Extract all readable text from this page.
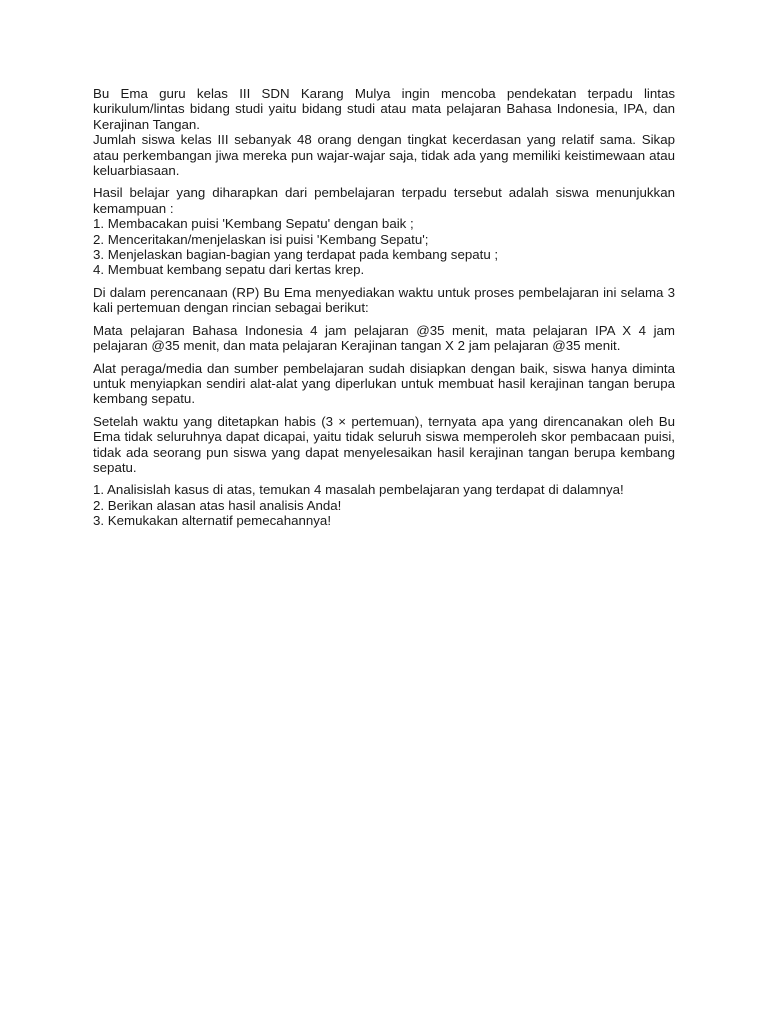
Bu Ema guru kelas III SDN Karang Mulya ingin mencoba pendekatan terpadu lintas kurikulum/lintas bidang studi yaitu bidang studi atau mata pelajaran Bahasa Indonesia, IPA, dan Kerajinan Tangan.
Jumlah siswa kelas III sebanyak 48 orang dengan tingkat kecerdasan yang relatif sama. Sikap atau perkembangan jiwa mereka pun wajar-wajar saja, tidak ada yang memiliki keistimewaan atau keluarbiasaan.
Hasil belajar yang diharapkan dari pembelajaran terpadu tersebut adalah siswa menunjukkan kemampuan :
1. Membacakan puisi 'Kembang Sepatu' dengan baik ;
2. Menceritakan/menjelaskan isi puisi 'Kembang Sepatu';
3. Menjelaskan bagian-bagian yang terdapat pada kembang sepatu ;
4. Membuat kembang sepatu dari kertas krep.
Di dalam perencanaan (RP) Bu Ema menyediakan waktu untuk proses pembelajaran ini selama 3 kali pertemuan dengan rincian sebagai berikut:
Mata pelajaran Bahasa Indonesia 4 jam pelajaran @35 menit, mata pelajaran IPA X 4 jam pelajaran @35 menit, dan mata pelajaran Kerajinan tangan X 2 jam pelajaran @35 menit.
Alat peraga/media dan sumber pembelajaran sudah disiapkan dengan baik, siswa hanya diminta untuk menyiapkan sendiri alat-alat yang diperlukan untuk membuat hasil kerajinan tangan berupa kembang sepatu.
Setelah waktu yang ditetapkan habis (3 × pertemuan), ternyata apa yang direncanakan oleh Bu Ema tidak seluruhnya dapat dicapai, yaitu tidak seluruh siswa memperoleh skor pembacaan puisi, tidak ada seorang pun siswa yang dapat menyelesaikan hasil kerajinan tangan berupa kembang sepatu.
1. Analisislah kasus di atas, temukan 4 masalah pembelajaran yang terdapat di dalamnya!
2. Berikan alasan atas hasil analisis Anda!
3. Kemukakan alternatif pemecahannya!
